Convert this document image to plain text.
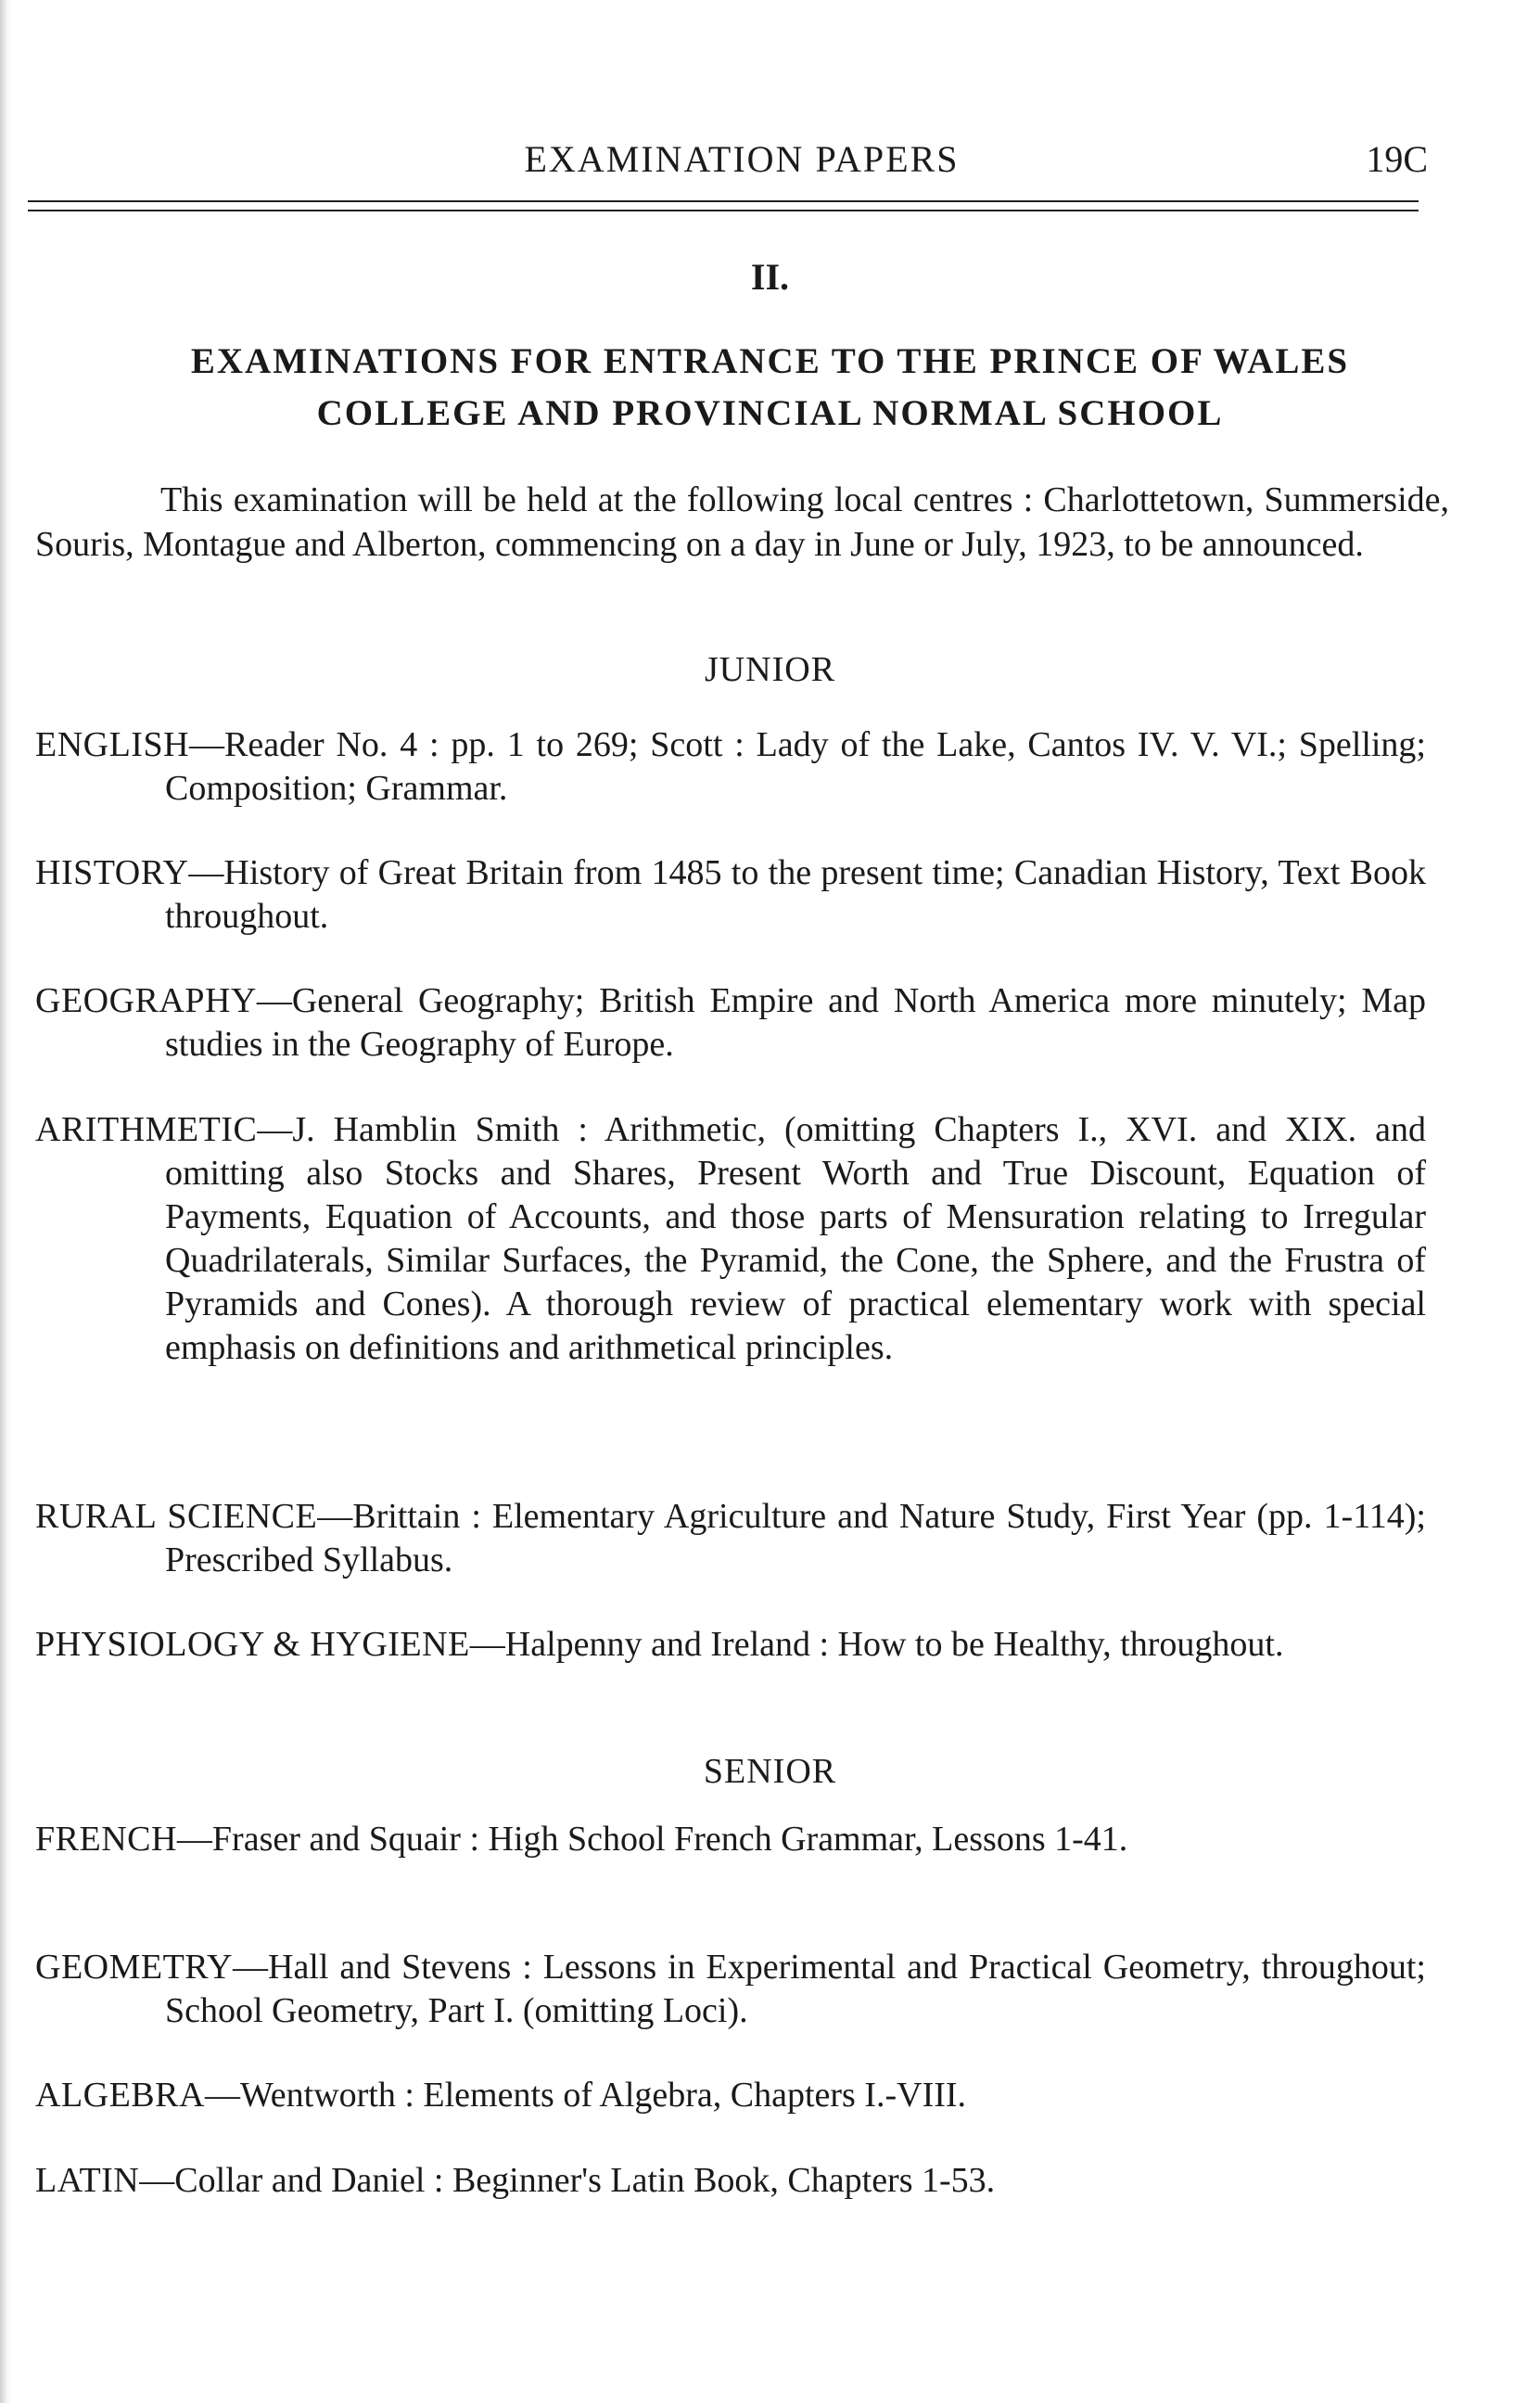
EXAMINATION PAPERS	19C
II.
EXAMINATIONS FOR ENTRANCE TO THE PRINCE OF WALES
COLLEGE AND PROVINCIAL NORMAL SCHOOL
This examination will be held at the following local centres : Charlottetown, Summerside, Souris, Montague and Alberton, commencing on a day in June or July, 1923, to be announced.
JUNIOR
ENGLISH—Reader No. 4 : pp. 1 to 269; Scott : Lady of the Lake, Cantos IV. V. VI.; Spelling; Composition; Grammar.
HISTORY—History of Great Britain from 1485 to the present time; Canadian History, Text Book throughout.
GEOGRAPHY—General Geography; British Empire and North America more minutely; Map studies in the Geography of Europe.
ARITHMETIC—J. Hamblin Smith : Arithmetic, (omitting Chapters I., XVI. and XIX. and omitting also Stocks and Shares, Present Worth and True Discount, Equation of Payments, Equation of Accounts, and those parts of Mensuration relating to Irregular Quadrilaterals, Similar Surfaces, the Pyramid, the Cone, the Sphere, and the Frustra of Pyramids and Cones). A thorough review of practical elementary work with special emphasis on definitions and arithmetical principles.
RURAL SCIENCE—Brittain : Elementary Agriculture and Nature Study, First Year (pp. 1-114); Prescribed Syllabus.
PHYSIOLOGY & HYGIENE—Halpenny and Ireland : How to be Healthy, throughout.
SENIOR
FRENCH—Fraser and Squair : High School French Grammar, Lessons 1-41.
GEOMETRY—Hall and Stevens : Lessons in Experimental and Practical Geometry, throughout; School Geometry, Part I. (omitting Loci).
ALGEBRA—Wentworth : Elements of Algebra, Chapters I.-VIII.
LATIN—Collar and Daniel : Beginner's Latin Book, Chapters 1-53.
